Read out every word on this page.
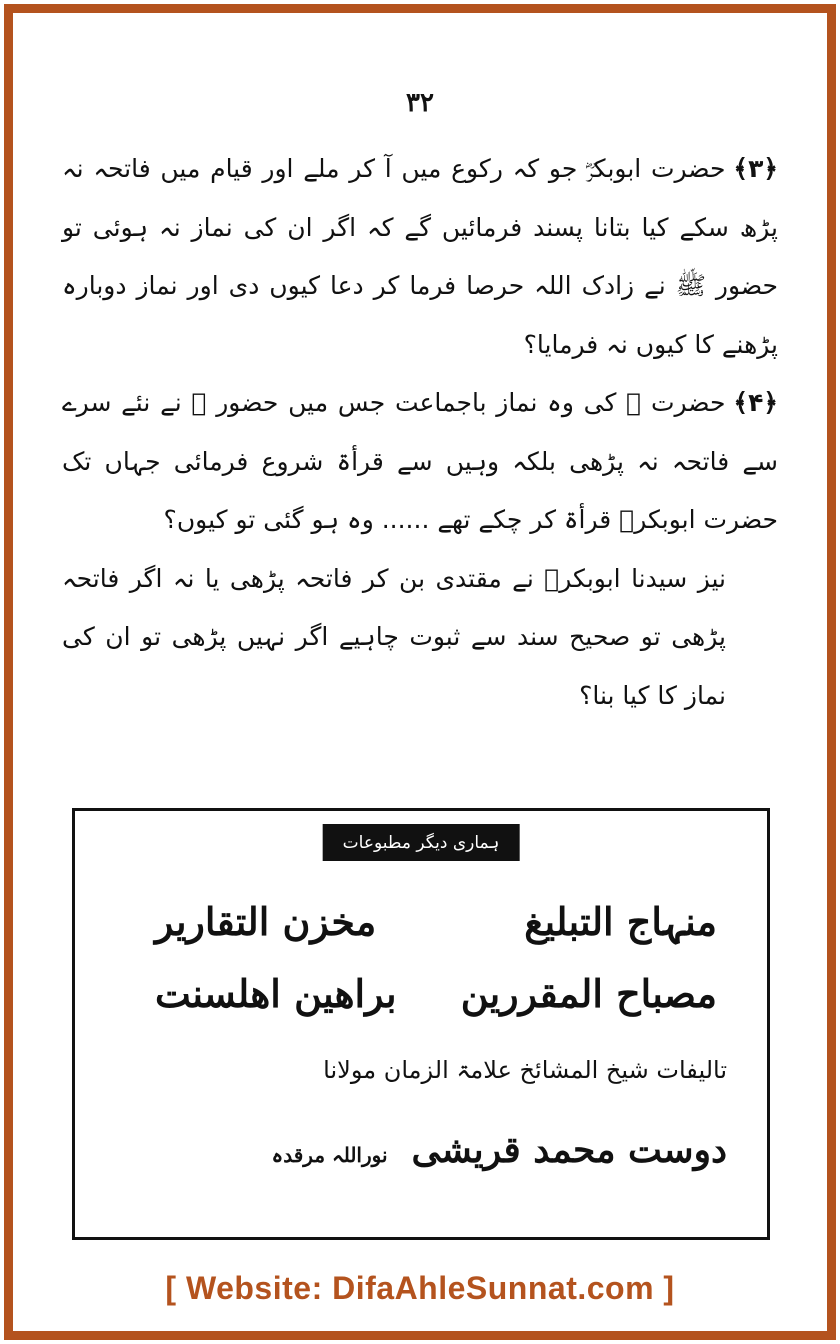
۳۲

﴿۳﴾حضرت ابوبکرؓ جو کہ رکوع میں آ کر ملے اور قیام میں فاتحہ نہ پڑھ سکے کیا بتانا پسند فرمائیں گے کہ اگر ان کی نماز نہ ہوئی تو حضور ﷺ نے زادک اللہ حرصا فرما کر دعا کیوں دی اور نماز دوبارہ پڑھنے کا کیوں نہ فرمایا؟

﴿۴﴾حضرت ﷺ کی وہ نماز باجماعت جس میں حضور ﷺ نے نئے سرے سے فاتحہ نہ پڑھی بلکہ وہیں سے قرأۃ شروع فرمائی جہاں تک حضرت ابوبکرؓ قرأۃ کر چکے تھے ...... وہ ہو گئی تو کیوں؟

نیز سیدنا ابوبکرؓ نے مقتدی بن کر فاتحہ پڑھی یا نہ اگر فاتحہ پڑھی تو صحیح سند سے ثبوت چاہیے اگر نہیں پڑھی تو ان کی نماز کا کیا بنا؟

ہماری دیگر مطبوعات
منہاج التبلیغ
مخزن التقاریر
مصباح المقررین
براھین اھلسنت
تالیفات شیخ المشائخ علامۃ الزمان مولانا
دوست محمد قریشی
نوراللہ مرقدہ
[ Website: DifaAhleSunnat.com ]
